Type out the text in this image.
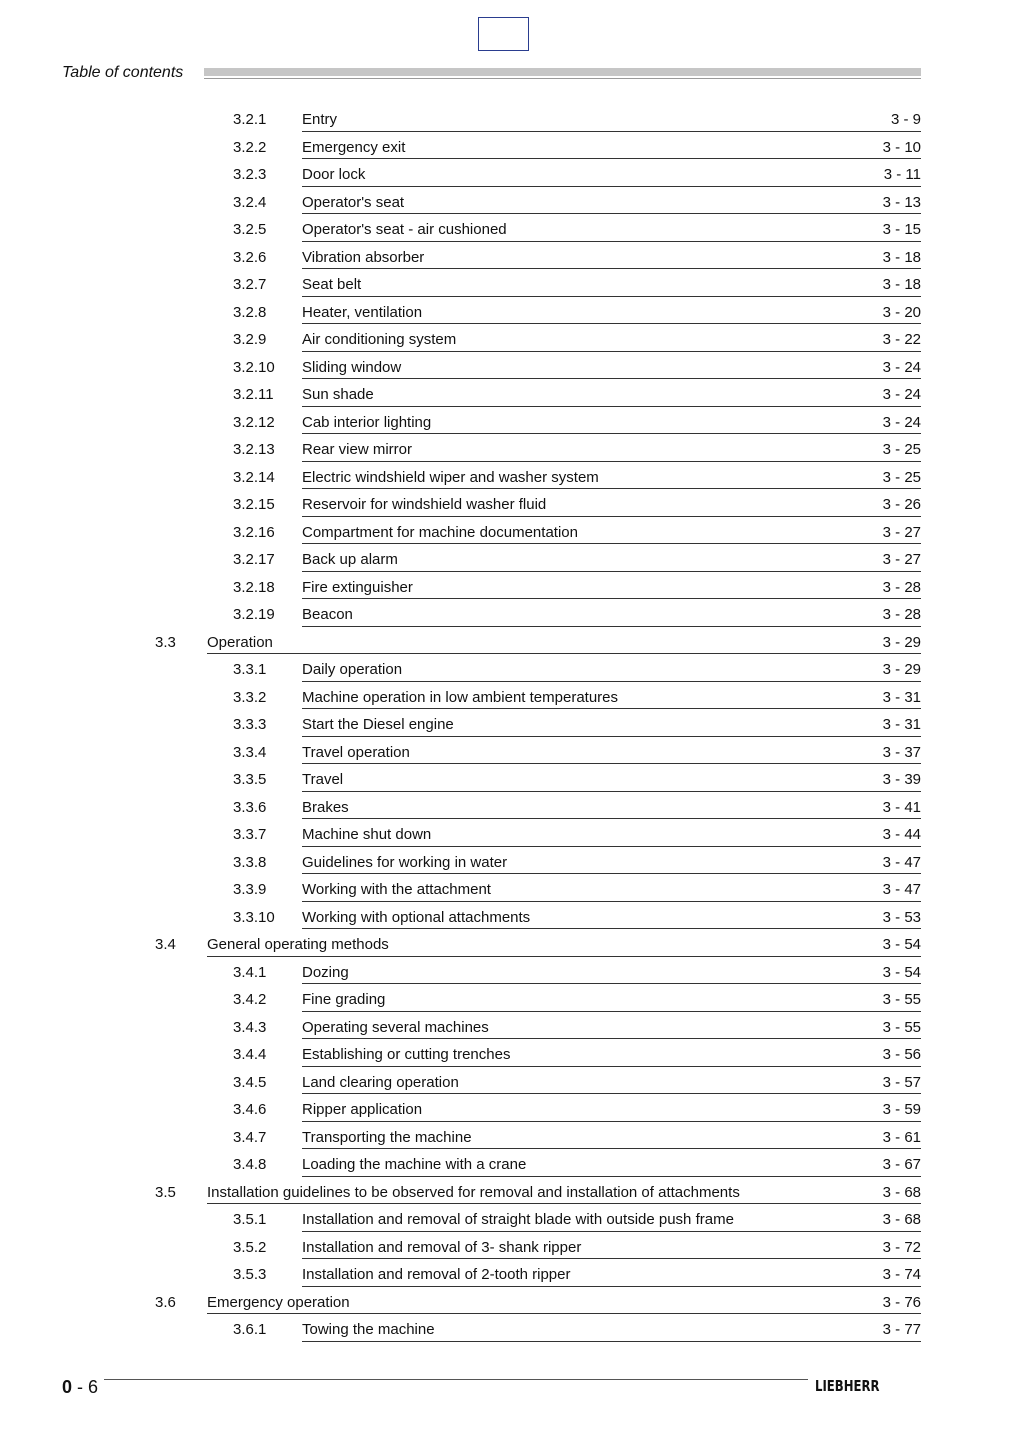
Table of contents
3.2.1 Entry	3 - 9
3.2.2 Emergency exit	3 - 10
3.2.3 Door lock	3 - 11
3.2.4 Operator's seat	3 - 13
3.2.5 Operator's seat - air cushioned	3 - 15
3.2.6 Vibration absorber	3 - 18
3.2.7 Seat belt	3 - 18
3.2.8 Heater, ventilation	3 - 20
3.2.9 Air conditioning system	3 - 22
3.2.10 Sliding window	3 - 24
3.2.11 Sun shade	3 - 24
3.2.12 Cab interior lighting	3 - 24
3.2.13 Rear view mirror	3 - 25
3.2.14 Electric windshield wiper and washer system	3 - 25
3.2.15 Reservoir for windshield washer fluid	3 - 26
3.2.16 Compartment for machine documentation	3 - 27
3.2.17 Back up alarm	3 - 27
3.2.18 Fire extinguisher	3 - 28
3.2.19 Beacon	3 - 28
3.3 Operation	3 - 29
3.3.1 Daily operation	3 - 29
3.3.2 Machine operation in low ambient temperatures	3 - 31
3.3.3 Start the Diesel engine	3 - 31
3.3.4 Travel operation	3 - 37
3.3.5 Travel	3 - 39
3.3.6 Brakes	3 - 41
3.3.7 Machine shut down	3 - 44
3.3.8 Guidelines for working in water	3 - 47
3.3.9 Working with the attachment	3 - 47
3.3.10 Working with optional attachments	3 - 53
3.4 General operating methods	3 - 54
3.4.1 Dozing	3 - 54
3.4.2 Fine grading	3 - 55
3.4.3 Operating several machines	3 - 55
3.4.4 Establishing or cutting trenches	3 - 56
3.4.5 Land clearing operation	3 - 57
3.4.6 Ripper application	3 - 59
3.4.7 Transporting the machine	3 - 61
3.4.8 Loading the machine with a crane	3 - 67
3.5 Installation guidelines to be observed for removal and installation of attachments	3 - 68
3.5.1 Installation and removal of straight blade with outside push frame	3 - 68
3.5.2 Installation and removal of 3- shank ripper	3 - 72
3.5.3 Installation and removal of 2-tooth ripper	3 - 74
3.6 Emergency operation	3 - 76
3.6.1 Towing the machine	3 - 77
0 - 6	LIEBHERR
